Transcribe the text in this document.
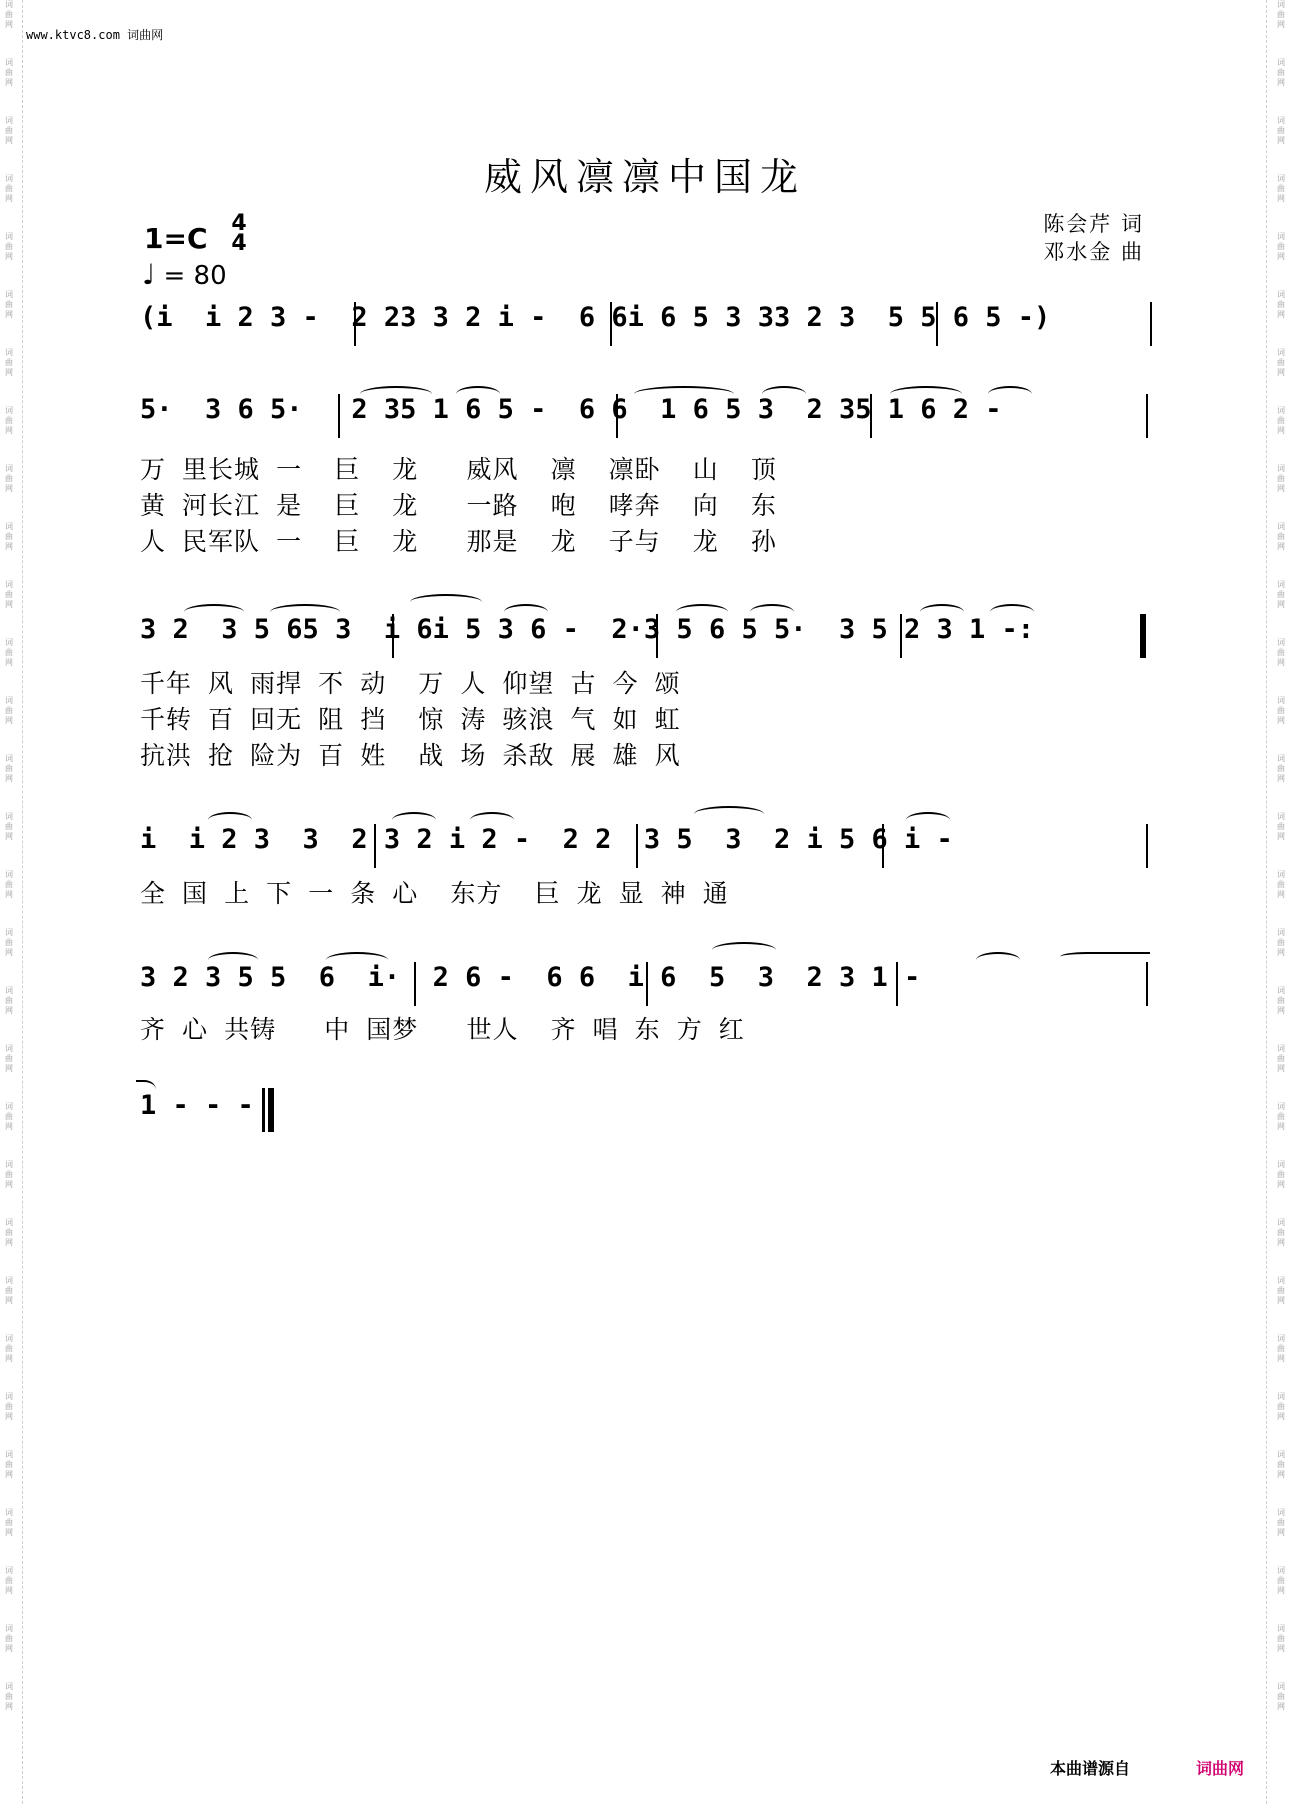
词
曲
网
词
曲
网
词
曲
网
词
曲
网
词
曲
网
词
曲
网
词
曲
网
词
曲
网
词
曲
网
词
曲
网
词
曲
网
词
曲
网
词
曲
网
词
曲
网
词
曲
网
词
曲
网
词
曲
网
词
曲
网
词
曲
网
词
曲
网
词
曲
网
词
曲
网
词
曲
网
词
曲
网
词
曲
网
词
曲
网
词
曲
网
词
曲
网
词
曲
网
词
曲
网
词
曲
网
词
曲
网
词
曲
网
词
曲
网
词
曲
网
词
曲
网
词
曲
网
词
曲
网
词
曲
网
词
曲
网
词
曲
网
词
曲
网
词
曲
网
词
曲
网
词
曲
网
词
曲
网
词
曲
网
词
曲
网
词
曲
网
词
曲
网
词
曲
网
词
曲
网
词
曲
网
词
曲
网
词
曲
网
词
曲
网
词
曲
网
词
曲
网
词
曲
网
词
曲
网
www.ktvc8.com 词曲网
威风凛凛中国龙
陈会芹 词
邓水金 曲
1=C 4
4
♩ = 80
(i  i 2 3 -  2 23 3 2 i -  6 6i 6 5 3 33 2 3  5 5 6 5 -)
5·  3 6 5·   2 35 1 6 5 -  6 6  1 6 5 3  2 35 1 6 2 -
万 里长城 一  巨  龙   威风  凛  凛卧  山  顶
黄 河长江 是  巨  龙   一路  咆  哮奔  向  东
人 民军队 一  巨  龙   那是  龙  子与  龙  孙
3 2  3 5 65 3  i 6i 5 3 6 -  2·3 5 6 5 5·  3 5 2 3 1 -:
千年 风 雨捍 不 动  万 人 仰望 古 今 颂
千转 百 回无 阻 挡  惊 涛 骇浪 气 如 虹
抗洪 抢 险为 百 姓  战 场 杀敌 展 雄 风
i  i 2 3  3  2 3 2 i 2 -  2 2  3 5  3  2 i 5 6 i -
全 国 上 下 一 条 心  东方  巨 龙 显 神 通
3 2 3 5 5  6  i·  2 6 -  6 6  i 6  5  3  2 3 1 -
齐 心 共铸   中 国梦   世人  齐 唱 东 方 红
1 - - -
本曲谱源自	词曲网
